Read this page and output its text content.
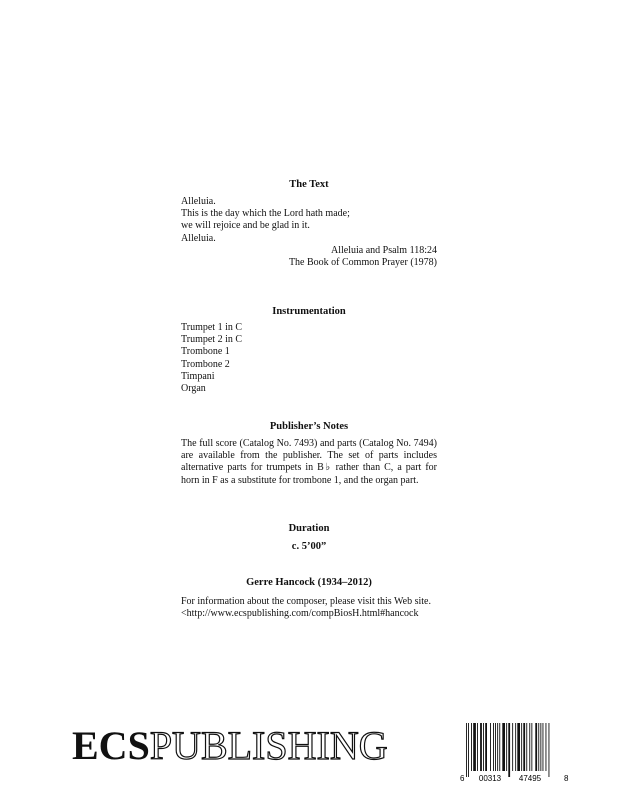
The Text
Alleluia.
This is the day which the Lord hath made;
we will rejoice and be glad in it.
Alleluia.
Alleluia and Psalm 118:24
The Book of Common Prayer (1978)
Instrumentation
Trumpet 1 in C
Trumpet 2 in C
Trombone 1
Trombone 2
Timpani
Organ
Publisher’s Notes
The full score (Catalog No. 7493) and parts (Catalog No. 7494) are available from the publisher. The set of parts includes alternative parts for trumpets in B♭ rather than C, a part for horn in F as a substitute for trombone 1, and the organ part.
Duration
c. 5’00”
Gerre Hancock (1934–2012)
For information about the composer, please visit this Web site.
<http://www.ecspublishing.com/compBiosH.html#hancock
ECSPUBLISHING
6 00313 47495	8
